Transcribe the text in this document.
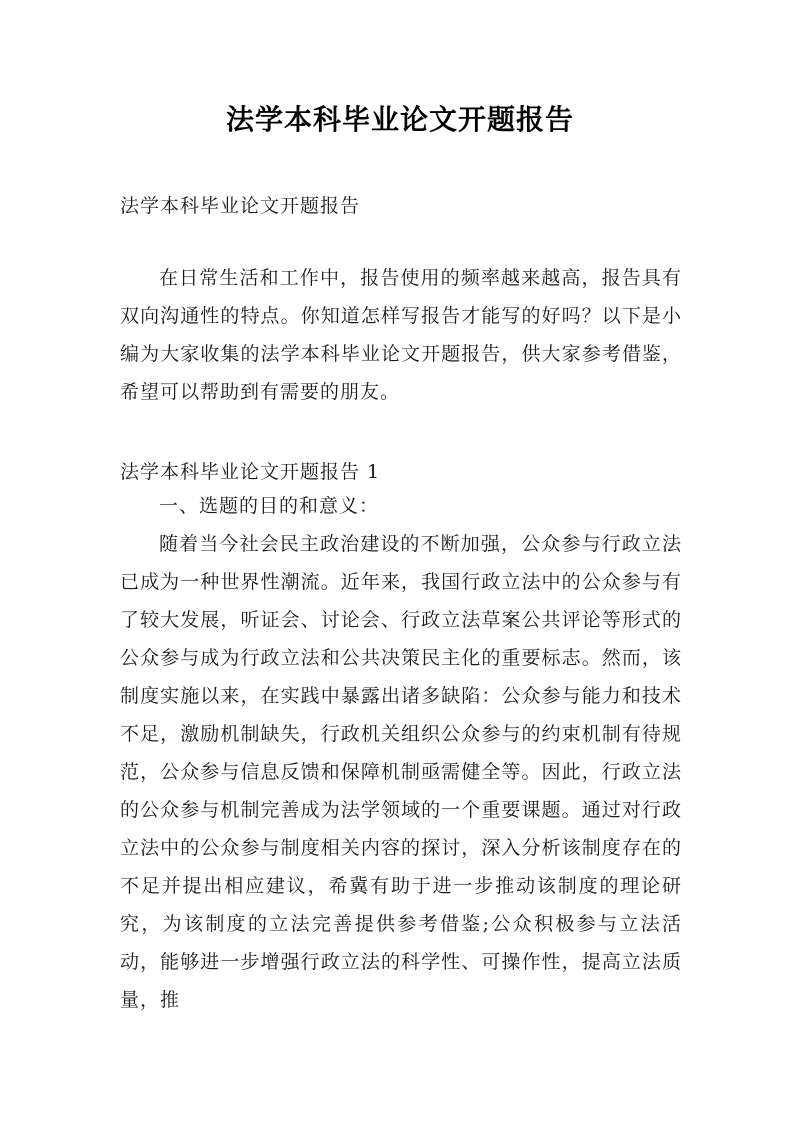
法学本科毕业论文开题报告
法学本科毕业论文开题报告

在日常生活和工作中，报告使用的频率越来越高，报告具有双向沟通性的特点。你知道怎样写报告才能写的好吗？以下是小编为大家收集的法学本科毕业论文开题报告，供大家参考借鉴，希望可以帮助到有需要的朋友。

法学本科毕业论文开题报告 1

一、选题的目的和意义：

随着当今社会民主政治建设的不断加强，公众参与行政立法已成为一种世界性潮流。近年来，我国行政立法中的公众参与有了较大发展，听证会、讨论会、行政立法草案公共评论等形式的公众参与成为行政立法和公共决策民主化的重要标志。然而，该制度实施以来，在实践中暴露出诸多缺陷：公众参与能力和技术不足，激励机制缺失，行政机关组织公众参与的约束机制有待规范，公众参与信息反馈和保障机制亟需健全等。因此，行政立法的公众参与机制完善成为法学领域的一个重要课题。通过对行政立法中的公众参与制度相关内容的探讨，深入分析该制度存在的不足并提出相应建议，希冀有助于进一步推动该制度的理论研究，为该制度的立法完善提供参考借鉴;公众积极参与立法活动，能够进一步增强行政立法的科学性、可操作性，提高立法质量，推
